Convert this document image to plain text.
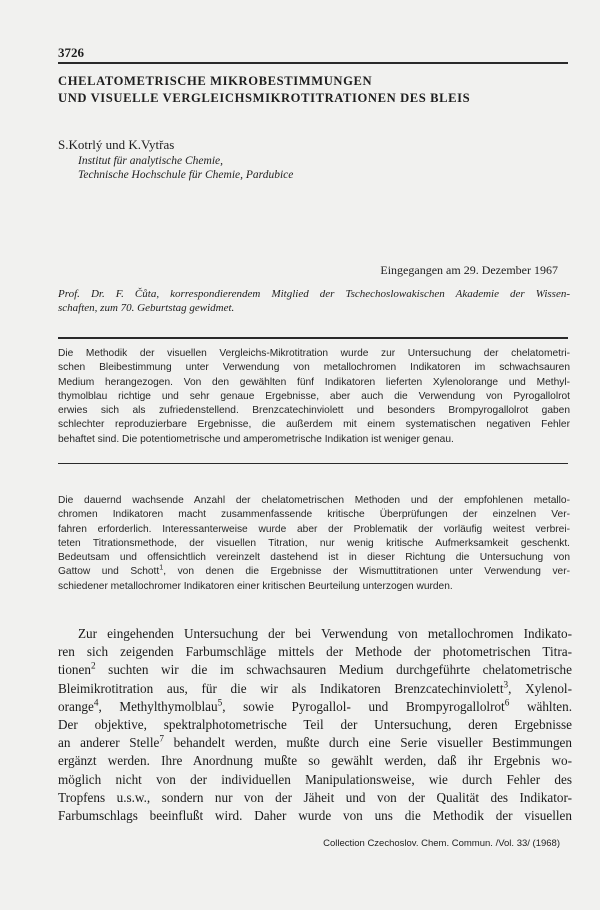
3726
CHELATOMETRISCHE MIKROBESTIMMUNGEN
UND VISUELLE VERGLEICHSMIKROTITRATIONEN DES BLEIS
S.Kotrlý und K.Vytřas
Institut für analytische Chemie,
Technische Hochschule für Chemie, Pardubice
Eingegangen am 29. Dezember 1967
Prof. Dr. F. Čůta, korrespondierendem Mitglied der Tschechoslowakischen Akademie der Wissen-
schaften, zum 70. Geburtstag gewidmet.
Die Methodik der visuellen Vergleichs-Mikrotitration wurde zur Untersuchung der chelatometri-
schen Bleibestimmung unter Verwendung von metallochromen Indikatoren im schwachsauren
Medium herangezogen. Von den gewählten fünf Indikatoren lieferten Xylenolorange und Methyl-
thymolblau richtige und sehr genaue Ergebnisse, aber auch die Verwendung von Pyrogallolrot
erwies sich als zufriedenstellend. Brenzcatechinviolett und besonders Brompyrogallolrot gaben
schlechter reproduzierbare Ergebnisse, die außerdem mit einem systematischen negativen Fehler
behaftet sind. Die potentiometrische und amperometrische Indikation ist weniger genau.
Die dauernd wachsende Anzahl der chelatometrischen Methoden und der empfohlenen metallo-
chromen Indikatoren macht zusammenfassende kritische Überprüfungen der einzelnen Ver-
fahren erforderlich. Interessanterweise wurde aber der Problematik der vorläufig weitest verbrei-
teten Titrationsmethode, der visuellen Titration, nur wenig kritische Aufmerksamkeit geschenkt.
Bedeutsam und offensichtlich vereinzelt dastehend ist in dieser Richtung die Untersuchung von
Gattow und Schott$^1$, von denen die Ergebnisse der Wismuttitrationen unter Verwendung ver-
schiedener metallochromer Indikatoren einer kritischen Beurteilung unterzogen wurden.
Zur eingehenden Untersuchung der bei Verwendung von metallochromen Indikato-
ren sich zeigenden Farbumschläge mittels der Methode der photometrischen Titra-
tionen$^2$ suchten wir die im schwachsauren Medium durchgeführte chelatometrische
Bleimikrotitration aus, für die wir als Indikatoren Brenzcatechinviolett$^3$, Xylenol-
orange$^4$, Methylthymolblau$^5$, sowie Pyrogallol- und Brompyrogallolrot$^6$ wählten.
Der objektive, spektralphotometrische Teil der Untersuchung, deren Ergebnisse
an anderer Stelle$^7$ behandelt werden, mußte durch eine Serie visueller Bestimmungen
ergänzt werden. Ihre Anordnung mußte so gewählt werden, daß ihr Ergebnis wo-
möglich nicht von der individuellen Manipulationsweise, wie durch Fehler des
Tropfens u.s.w., sondern nur von der Jäheit und von der Qualität des Indikator-
Farbumschlags beeinflußt wird. Daher wurde von uns die Methodik der visuellen
Collection Czechoslov. Chem. Commun. /Vol. 33/ (1968)
